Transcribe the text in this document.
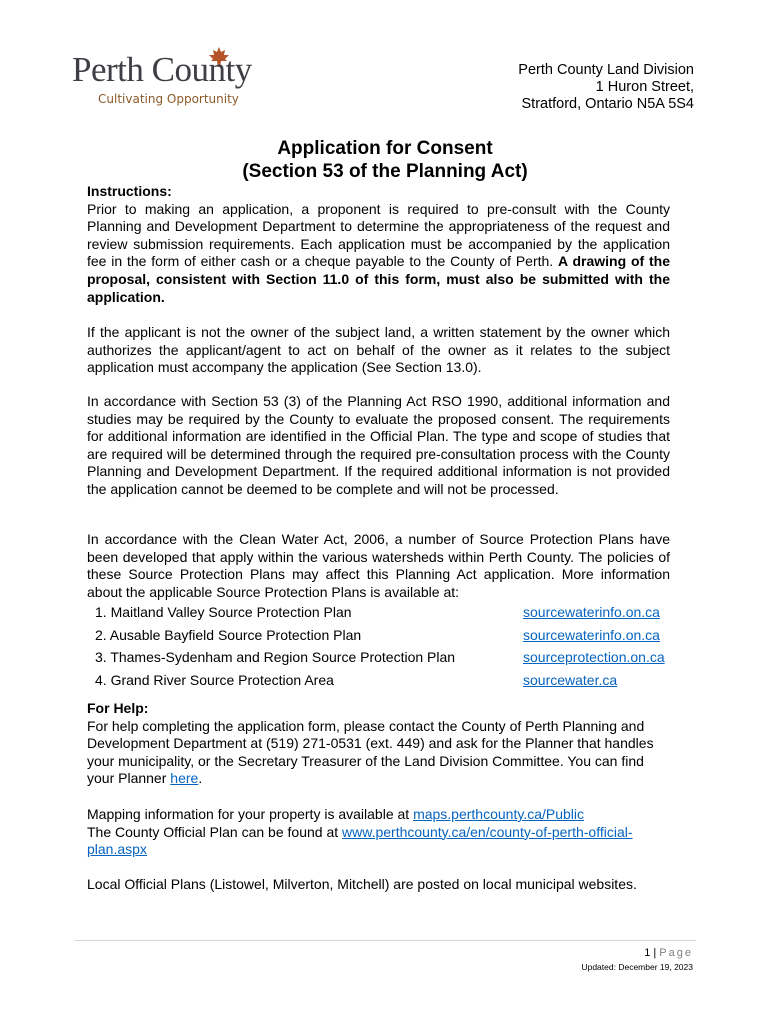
Perth County
Cultivating Opportunity
Perth County Land Division
1 Huron Street,
Stratford, Ontario N5A 5S4
Application for Consent
(Section 53 of the Planning Act)
Instructions:

Prior to making an application, a proponent is required to pre-consult with the County Planning and Development Department to determine the appropriateness of the request and review submission requirements. Each application must be accompanied by the application fee in the form of either cash or a cheque payable to the County of Perth. A drawing of the proposal, consistent with Section 11.0 of this form, must also be submitted with the application.

If the applicant is not the owner of the subject land, a written statement by the owner which authorizes the applicant/agent to act on behalf of the owner as it relates to the subject application must accompany the application (See Section 13.0).

In accordance with Section 53 (3) of the Planning Act RSO 1990, additional information and studies may be required by the County to evaluate the proposed consent. The requirements for additional information are identified in the Official Plan. The type and scope of studies that are required will be determined through the required pre-consultation process with the County Planning and Development Department. If the required additional information is not provided the application cannot be deemed to be complete and will not be processed.

In accordance with the Clean Water Act, 2006, a number of Source Protection Plans have been developed that apply within the various watersheds within Perth County. The policies of these Source Protection Plans may affect this Planning Act application. More information about the applicable Source Protection Plans is available at:

1. Maitland Valley Source Protection Plan	sourcewaterinfo.on.ca
2. Ausable Bayfield Source Protection Plan	sourcewaterinfo.on.ca
3. Thames-Sydenham and Region Source Protection Plan	sourceprotection.on.ca
4. Grand River Source Protection Area	sourcewater.ca
For Help:

For help completing the application form, please contact the County of Perth Planning and Development Department at (519) 271-0531 (ext. 449) and ask for the Planner that handles your municipality, or the Secretary Treasurer of the Land Division Committee. You can find your Planner here.

Mapping information for your property is available at maps.perthcounty.ca/Public
The County Official Plan can be found at www.perthcounty.ca/en/county-of-perth-official-
plan.aspx
Local Official Plans (Listowel, Milverton, Mitchell) are posted on local municipal websites.
1 | Page
Updated: December 19, 2023
